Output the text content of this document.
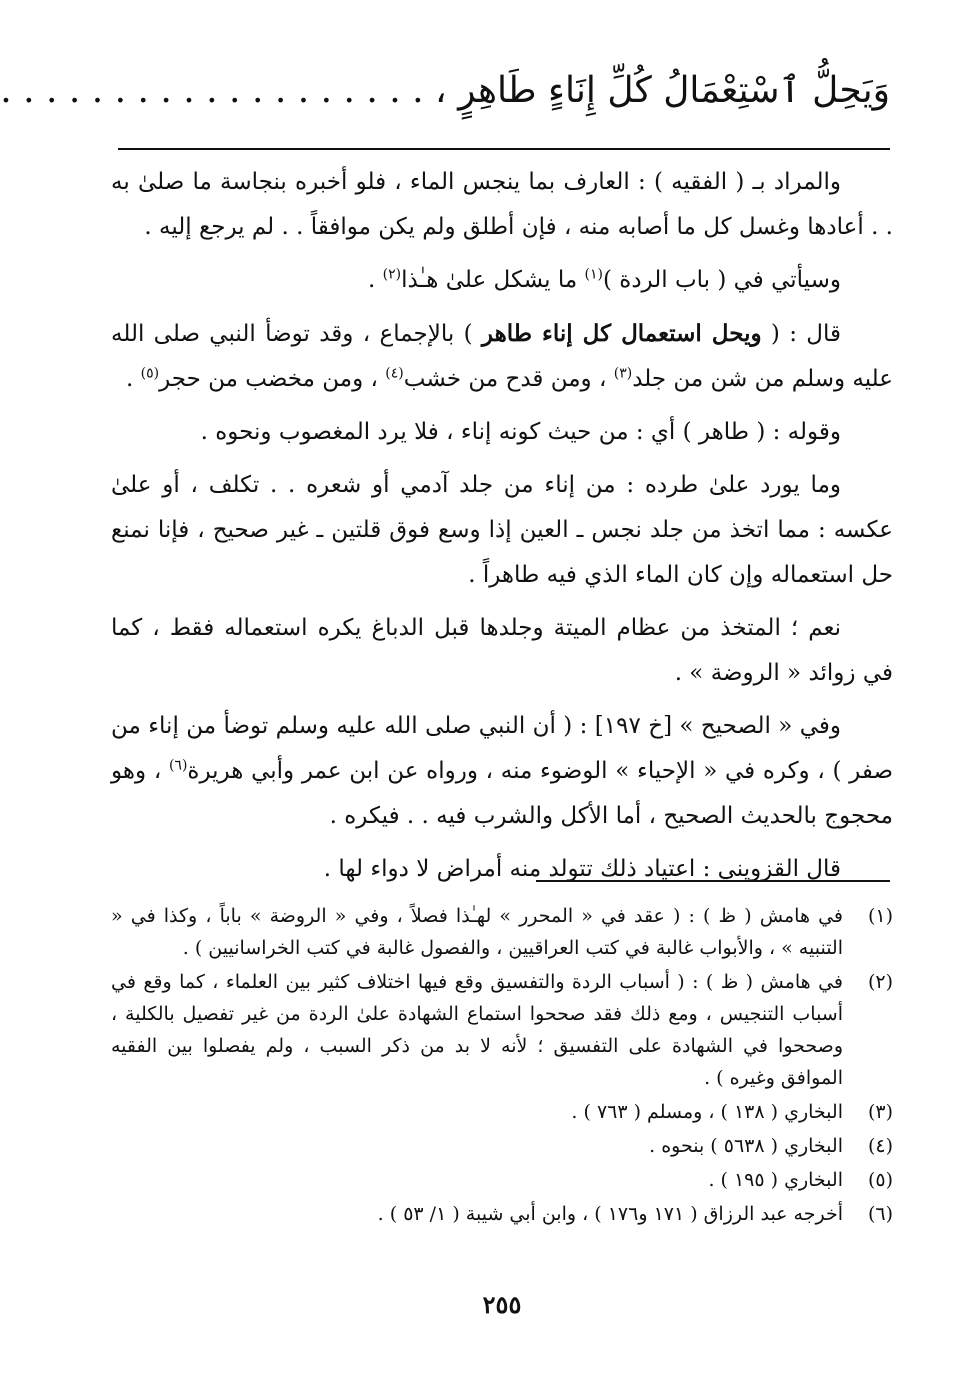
وَيَحِلُّ ٱسْتِعْمَالُ كُلِّ إِنَاءٍ طَاهِرٍ ، . . . . . . . . . . . . . . . . . . .

والمراد بـ ( الفقيه ) : العارف بما ينجس الماء ، فلو أخبره بنجاسة ما صلىٰ به . . أعادها وغسل كل ما أصابه منه ، فإن أطلق ولم يكن موافقاً . . لم يرجع إليه .

وسيأتي في ( باب الردة )$^{(١)}$ ما يشكل علىٰ هـٰذا$^{(٢)}$ .

قال : ( ويحل استعمال كل إناء طاهر ) بالإجماع ، وقد توضأ النبي صلى الله عليه وسلم من شن من جلد$^{(٣)}$ ، ومن قدح من خشب$^{(٤)}$ ، ومن مخضب من حجر$^{(٥)}$ .

وقوله : ( طاهر ) أي : من حيث كونه إناء ، فلا يرد المغصوب ونحوه .

وما يورد علىٰ طرده : من إناء من جلد آدمي أو شعره . . تكلف ، أو علىٰ عكسه : مما اتخذ من جلد نجس ـ العين إذا وسع فوق قلتين ـ غير صحيح ، فإنا نمنع حل استعماله وإن كان الماء الذي فيه طاهراً .

نعم ؛ المتخذ من عظام الميتة وجلدها قبل الدباغ يكره استعماله فقط ، كما في زوائد « الروضة » .

وفي « الصحيح » [خ ١٩٧] : ( أن النبي صلى الله عليه وسلم توضأ من إناء من صفر ) ، وكره في « الإحياء » الوضوء منه ، ورواه عن ابن عمر وأبي هريرة$^{(٦)}$ ، وهو محجوج بالحديث الصحيح ، أما الأكل والشرب فيه . . فيكره .

قال القزويني : اعتياد ذلك تتولد منه أمراض لا دواء لها .

(١)
في هامش ( ظ ) : ( عقد في « المحرر » لهـٰذا فصلاً ، وفي « الروضة » باباً ، وكذا في « التنبيه » ، والأبواب غالبة في كتب العراقيين ، والفصول غالبة في كتب الخراسانيين ) .
(٢)
في هامش ( ظ ) : ( أسباب الردة والتفسيق وقع فيها اختلاف كثير بين العلماء ، كما وقع في أسباب التنجيس ، ومع ذلك فقد صححوا استماع الشهادة علىٰ الردة من غير تفصيل بالكلية ، وصححوا في الشهادة على التفسيق ؛ لأنه لا بد من ذكر السبب ، ولم يفصلوا بين الفقيه الموافق وغيره ) .
(٣)
البخاري ( ١٣٨ ) ، ومسلم ( ٧٦٣ ) .
(٤)
البخاري ( ٥٦٣٨ ) بنحوه .
(٥)
البخاري ( ١٩٥ ) .
(٦)
أخرجه عبد الرزاق ( ١٧١ و١٧٦ ) ، وابن أبي شيبة ( ١/ ٥٣ ) .
٢٥٥
